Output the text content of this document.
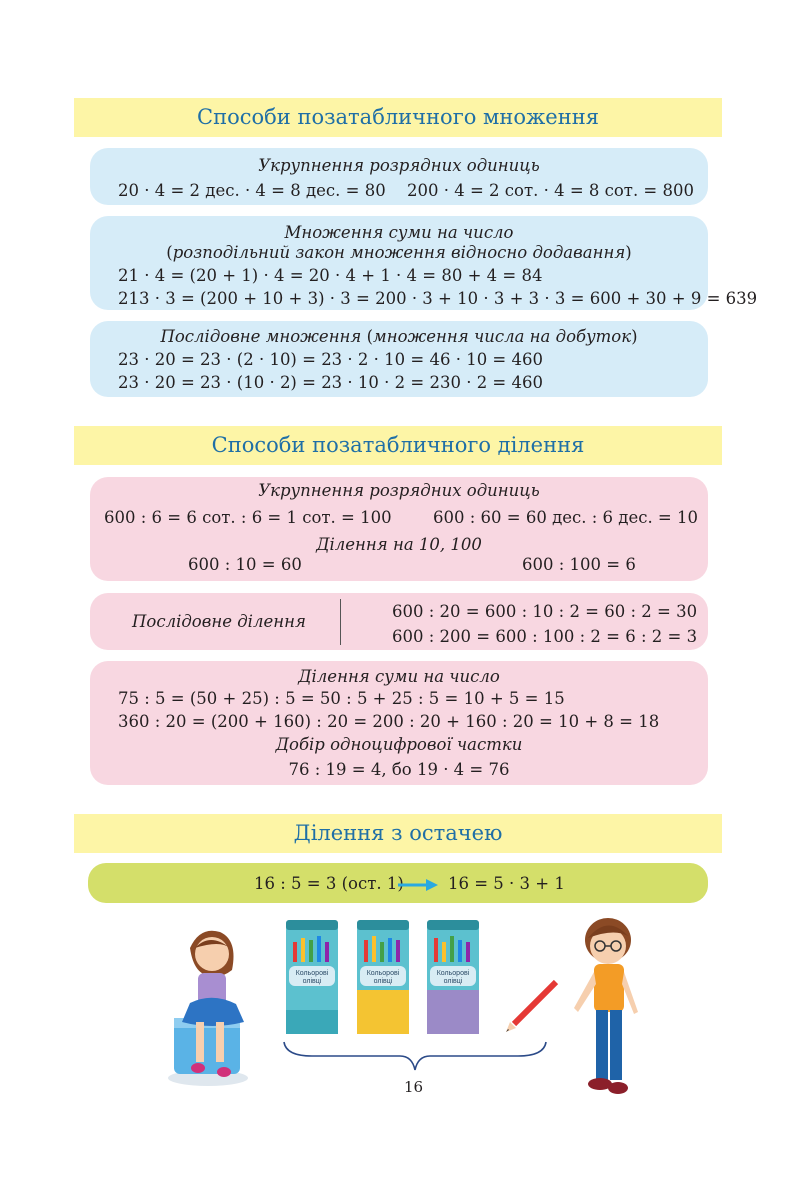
Способи позатабличного множення
Укрупнення розрядних одиниць
20 · 4 = 2 дес. · 4 = 8 дес. = 80 200 · 4 = 2 сот. · 4 = 8 сот. = 800
Множення суми на число
(розподільний закон множення відносно додавання)
21 · 4 = (20 + 1) · 4 = 20 · 4 + 1 · 4 = 80 + 4 = 84
213 · 3 = (200 + 10 + 3) · 3 = 200 · 3 + 10 · 3 + 3 · 3 = 600 + 30 + 9 = 639
Послідовне множення (множення числа на добуток)
23 · 20 = 23 · (2 · 10) = 23 · 2 · 10 = 46 · 10 = 460
23 · 20 = 23 · (10 · 2) = 23 · 10 · 2 = 230 · 2 = 460
Способи позатабличного ділення
Укрупнення розрядних одиниць
600 : 6 = 6 сот. : 6 = 1 сот. = 100	600 : 60 = 60 дес. : 6 дес. = 10
Ділення на 10, 100
600 : 10 = 60	600 : 100 = 6
Послідовне ділення
600 : 20 = 600 : 10 : 2 = 60 : 2 = 30
600 : 200 = 600 : 100 : 2 = 6 : 2 = 3
Ділення суми на число
75 : 5 = (50 + 25) : 5 = 50 : 5 + 25 : 5 = 10 + 5 = 15
360 : 20 = (200 + 160) : 20 = 200 : 20 + 160 : 20 = 10 + 8 = 18
Добір одноцифрової частки
76 : 19 = 4, бо 19 · 4 = 76
Ділення з остачею
16 : 5 = 3 (ост. 1)	16 = 5 · 3 + 1
Кольорові
олівці
Кольорові
олівці
Кольорові
олівці
16
